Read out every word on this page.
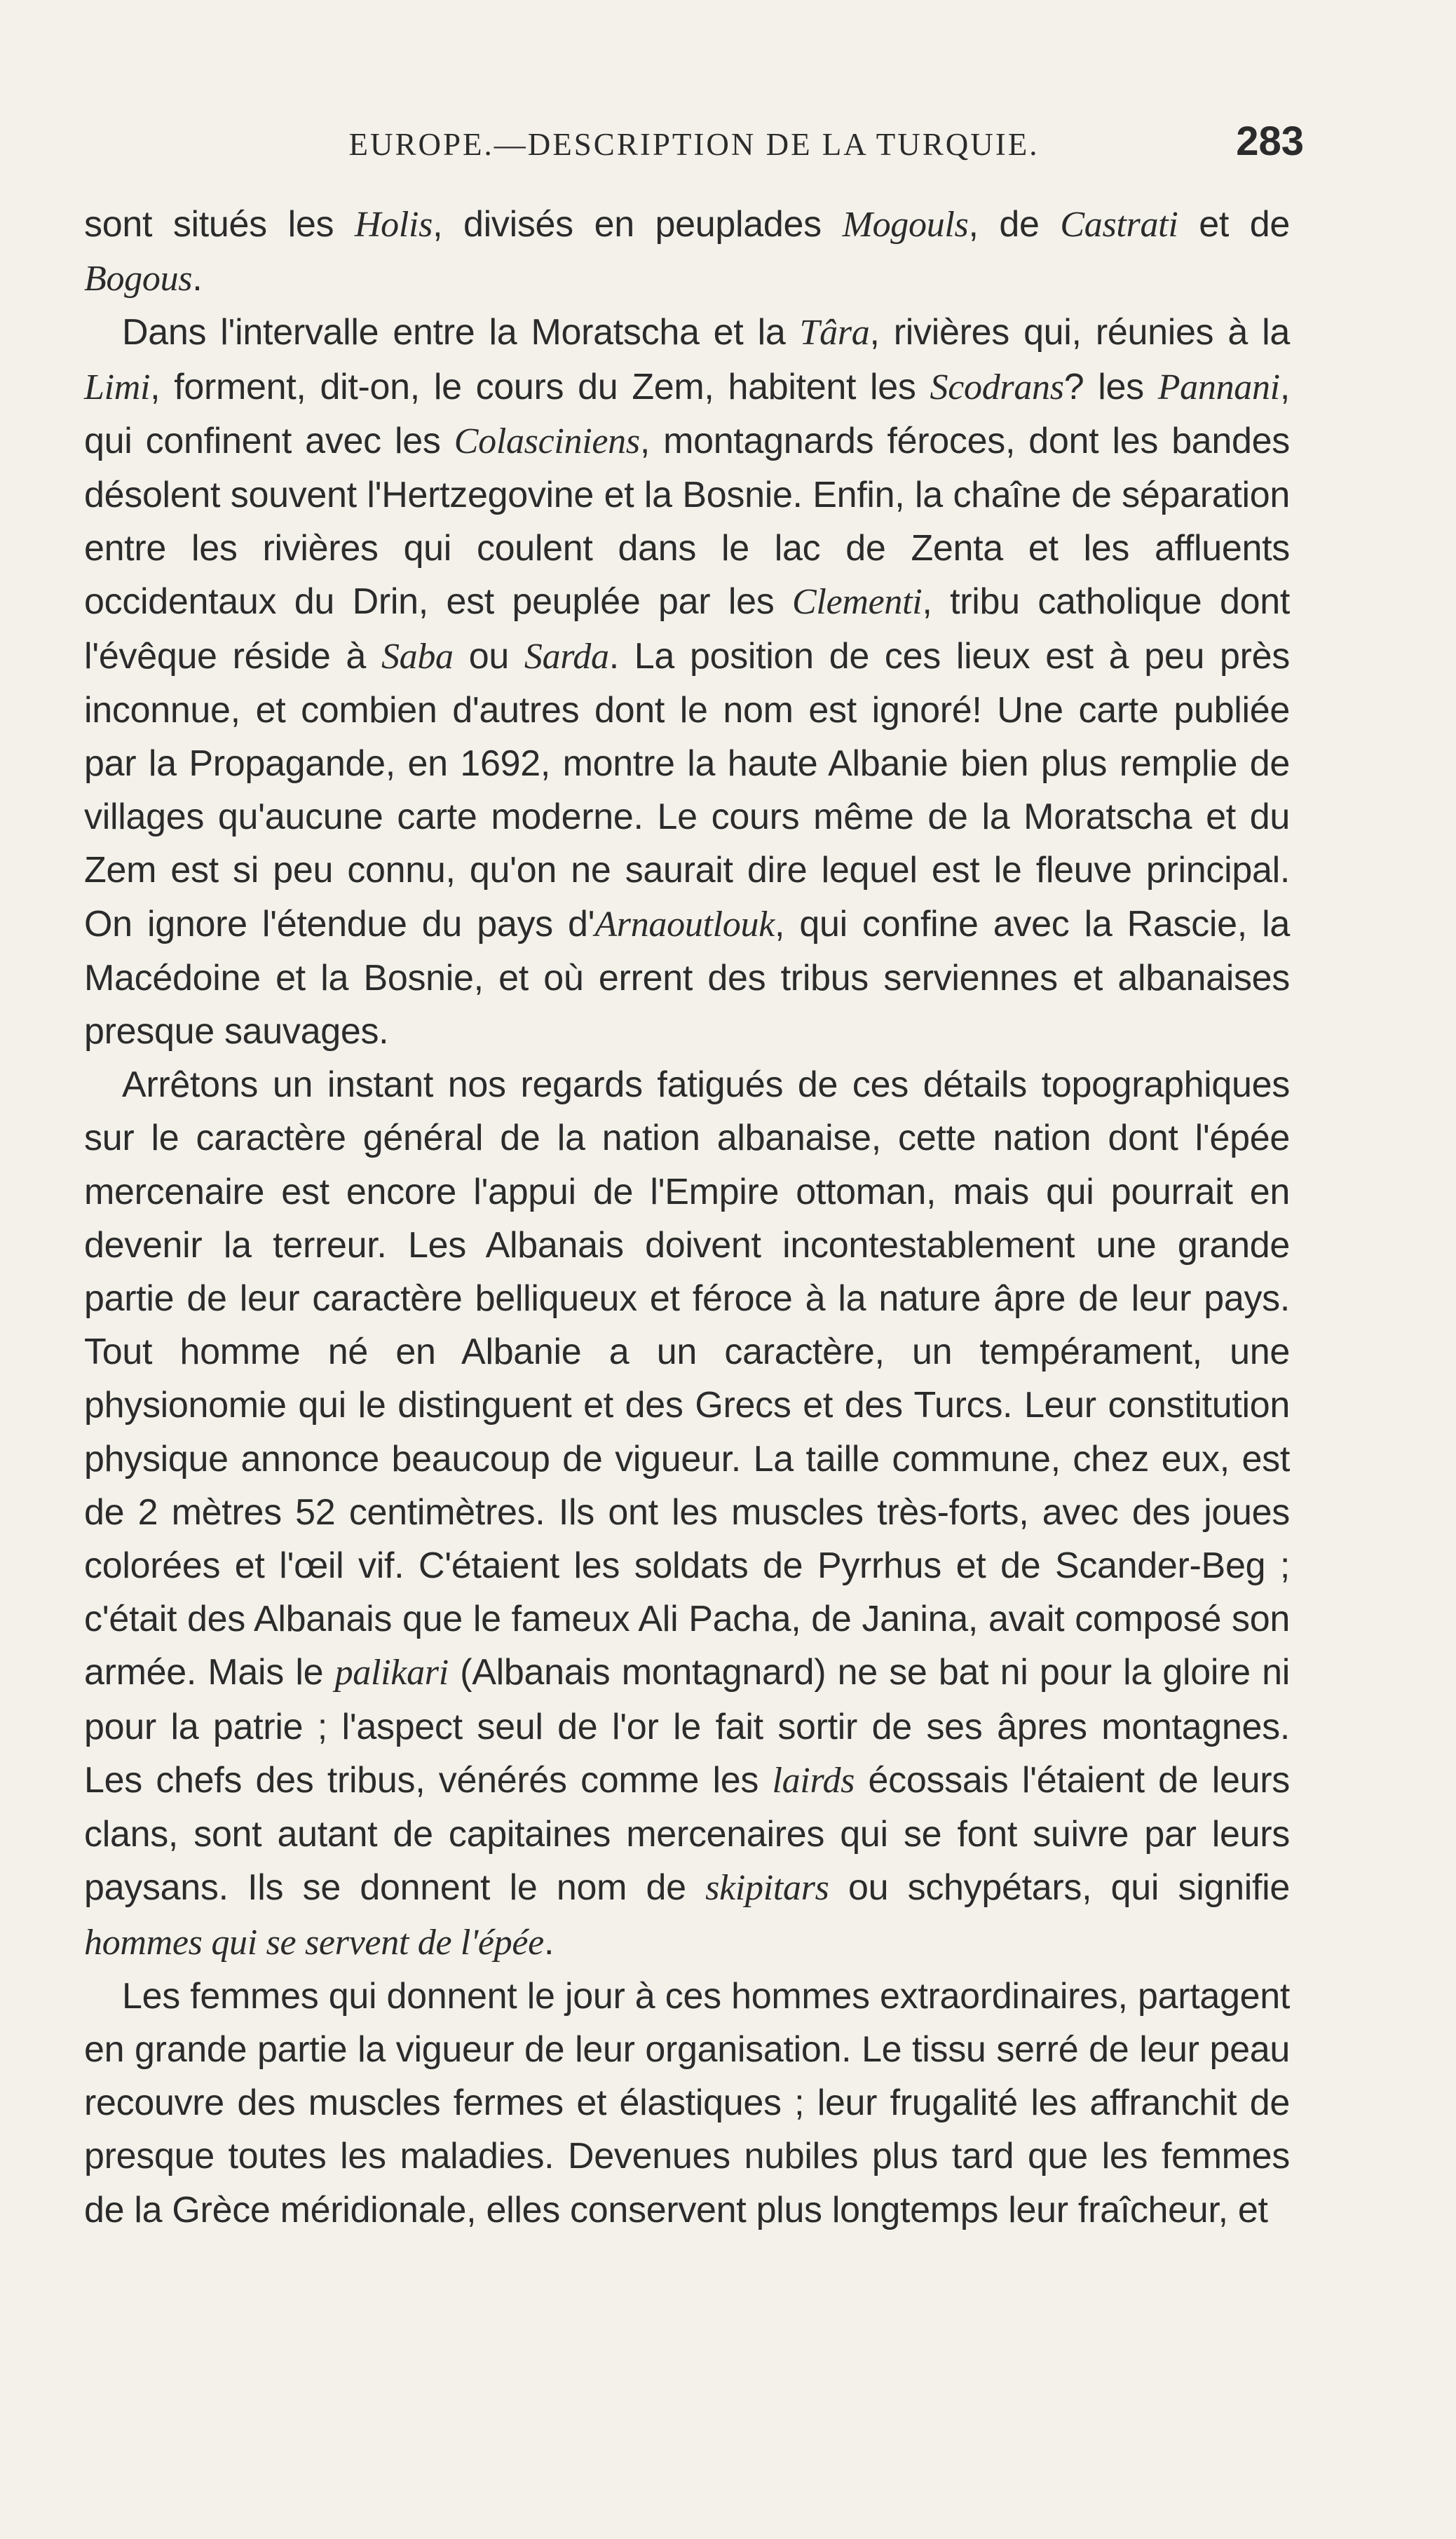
EUROPE.—DESCRIPTION DE LA TURQUIE.	283

sont situés les Holis, divisés en peuplades Mogouls, de Castrati et de Bogous.

Dans l'intervalle entre la Moratscha et la Târa, rivières qui, réunies à la Limi, forment, dit-on, le cours du Zem, habitent les Scodrans? les Pannani, qui confinent avec les Colasciniens, montagnards féroces, dont les bandes désolent souvent l'Hertzegovine et la Bosnie. Enfin, la chaîne de séparation entre les rivières qui coulent dans le lac de Zenta et les affluents occidentaux du Drin, est peuplée par les Clementi, tribu catholique dont l'évêque réside à Saba ou Sarda. La position de ces lieux est à peu près inconnue, et combien d'autres dont le nom est ignoré! Une carte publiée par la Propagande, en 1692, montre la haute Albanie bien plus remplie de villages qu'aucune carte moderne. Le cours même de la Moratscha et du Zem est si peu connu, qu'on ne saurait dire lequel est le fleuve principal. On ignore l'étendue du pays d'Arnaoutlouk, qui confine avec la Rascie, la Macédoine et la Bosnie, et où errent des tribus serviennes et albanaises presque sauvages.

Arrêtons un instant nos regards fatigués de ces détails topographiques sur le caractère général de la nation albanaise, cette nation dont l'épée mercenaire est encore l'appui de l'Empire ottoman, mais qui pourrait en devenir la terreur. Les Albanais doivent incontestablement une grande partie de leur caractère belliqueux et féroce à la nature âpre de leur pays. Tout homme né en Albanie a un caractère, un tempérament, une physionomie qui le distinguent et des Grecs et des Turcs. Leur constitution physique annonce beaucoup de vigueur. La taille commune, chez eux, est de 2 mètres 52 centimètres. Ils ont les muscles très-forts, avec des joues colorées et l'œil vif. C'étaient les soldats de Pyrrhus et de Scander-Beg ; c'était des Albanais que le fameux Ali Pacha, de Janina, avait composé son armée. Mais le palikari (Albanais montagnard) ne se bat ni pour la gloire ni pour la patrie ; l'aspect seul de l'or le fait sortir de ses âpres montagnes. Les chefs des tribus, vénérés comme les lairds écossais l'étaient de leurs clans, sont autant de capitaines mercenaires qui se font suivre par leurs paysans. Ils se donnent le nom de skipitars ou schypétars, qui signifie hommes qui se servent de l'épée.

Les femmes qui donnent le jour à ces hommes extraordinaires, partagent en grande partie la vigueur de leur organisation. Le tissu serré de leur peau recouvre des muscles fermes et élastiques ; leur frugalité les affranchit de presque toutes les maladies. Devenues nubiles plus tard que les femmes de la Grèce méridionale, elles conservent plus longtemps leur fraîcheur, et
